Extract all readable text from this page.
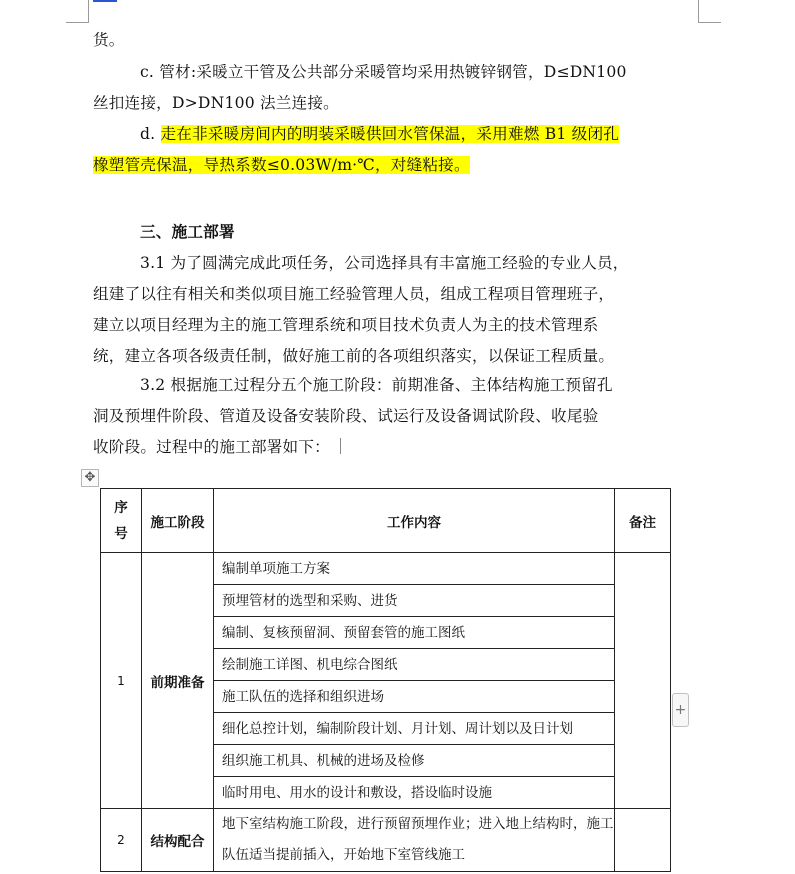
货。

c. 管材:采暖立干管及公共部分采暖管均采用热镀锌钢管，D≤DN100
丝扣连接，D>DN100 法兰连接。

d. 走在非采暖房间内的明装采暖供回水管保温，采用难燃 B1 级闭孔
橡塑管壳保温，导热系数≤0.03W/m·℃，对缝粘接。

三、施工部署

3.1 为了圆满完成此项任务，公司选择具有丰富施工经验的专业人员，
组建了以往有相关和类似项目施工经验管理人员，组成工程项目管理班子，
建立以项目经理为主的施工管理系统和项目技术负责人为主的技术管理系
统，建立各项各级责任制，做好施工前的各项组织落实，以保证工程质量。

3.2 根据施工过程分五个施工阶段：前期准备、主体结构施工预留孔
洞及预埋件阶段、管道及设备安装阶段、试运行及设备调试阶段、收尾验
收阶段。过程中的施工部署如下：

✥
序
号	施工阶段	工作内容	备注
1	前期准备	编制单项施工方案	
		预埋管材的选型和采购、进货	
		编制、复核预留洞、预留套管的施工图纸	
		绘制施工详图、机电综合图纸	
		施工队伍的选择和组织进场	
		细化总控计划，编制阶段计划、月计划、周计划以及日计划	
		组织施工机具、机械的进场及检修	
		临时用电、用水的设计和敷设，搭设临时设施	
2	结构配合	地下室结构施工阶段，进行预留预埋作业；进入地上结构时，施工队伍适当提前插入，开始地下室管线施工	
+
